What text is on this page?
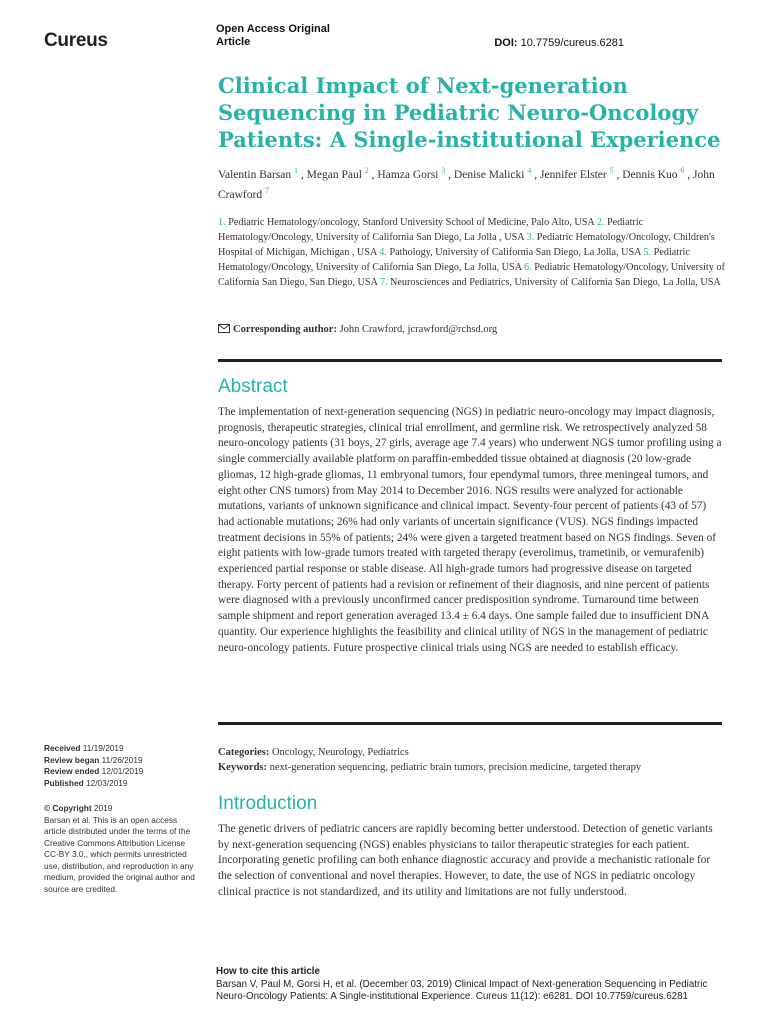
Cureus
Open Access Original
Article	DOI: 10.7759/cureus.6281
Clinical Impact of Next-generation Sequencing in Pediatric Neuro-Oncology Patients: A Single-institutional Experience
Valentin Barsan $^1$ , Megan Paul $^2$ , Hamza Gorsi $^3$ , Denise Malicki $^4$ , Jennifer Elster $^5$ , Dennis Kuo $^6$ , John Crawford $^7$
1. Pediatric Hematology/oncology, Stanford University School of Medicine, Palo Alto, USA 2. Pediatric Hematology/Oncology, University of California San Diego, La Jolla , USA 3. Pediatric Hematology/Oncology, Children's Hospital of Michigan, Michigan , USA 4. Pathology, University of California San Diego, La Jolla, USA 5. Pediatric Hematology/Oncology, University of California San Diego, La Jolla, USA 6. Pediatric Hematology/Oncology, University of California San Diego, San Diego, USA 7. Neurosciences and Pediatrics, University of California San Diego, La Jolla, USA
Corresponding author: John Crawford, jcrawford@rchsd.org
Abstract

The implementation of next-generation sequencing (NGS) in pediatric neuro-oncology may impact diagnosis, prognosis, therapeutic strategies, clinical trial enrollment, and germline risk. We retrospectively analyzed 58 neuro-oncology patients (31 boys, 27 girls, average age 7.4 years) who underwent NGS tumor profiling using a single commercially available platform on paraffin-embedded tissue obtained at diagnosis (20 low-grade gliomas, 12 high-grade gliomas, 11 embryonal tumors, four ependymal tumors, three meningeal tumors, and eight other CNS tumors) from May 2014 to December 2016. NGS results were analyzed for actionable mutations, variants of unknown significance and clinical impact. Seventy-four percent of patients (43 of 57) had actionable mutations; 26% had only variants of uncertain significance (VUS). NGS findings impacted treatment decisions in 55% of patients; 24% were given a targeted treatment based on NGS findings. Seven of eight patients with low-grade tumors treated with targeted therapy (everolimus, trametinib, or vemurafenib) experienced partial response or stable disease. All high-grade tumors had progressive disease on targeted therapy. Forty percent of patients had a revision or refinement of their diagnosis, and nine percent of patients were diagnosed with a previously unconfirmed cancer predisposition syndrome. Turnaround time between sample shipment and report generation averaged 13.4 ± 6.4 days. One sample failed due to insufficient DNA quantity. Our experience highlights the feasibility and clinical utility of NGS in the management of pediatric neuro-oncology patients. Future prospective clinical trials using NGS are needed to establish efficacy.

Categories: Oncology, Neurology, Pediatrics
Keywords: next-generation sequencing, pediatric brain tumors, precision medicine, targeted therapy
Introduction

The genetic drivers of pediatric cancers are rapidly becoming better understood. Detection of genetic variants by next-generation sequencing (NGS) enables physicians to tailor therapeutic strategies for each patient. Incorporating genetic profiling can both enhance diagnostic accuracy and provide a mechanistic rationale for the selection of conventional and novel therapies. However, to date, the use of NGS in pediatric oncology clinical practice is not standardized, and its utility and limitations are not fully understood.

Received 11/19/2019
Review began 11/26/2019
Review ended 12/01/2019
Published 12/03/2019
© Copyright 2019
Barsan et al. This is an open access article distributed under the terms of the Creative Commons Attribution License CC-BY 3.0., which permits unrestricted use, distribution, and reproduction in any medium, provided the original author and source are credited.
How to cite this article
Barsan V, Paul M, Gorsi H, et al. (December 03, 2019) Clinical Impact of Next-generation Sequencing in Pediatric Neuro-Oncology Patients: A Single-institutional Experience. Cureus 11(12): e6281. DOI 10.7759/cureus.6281
